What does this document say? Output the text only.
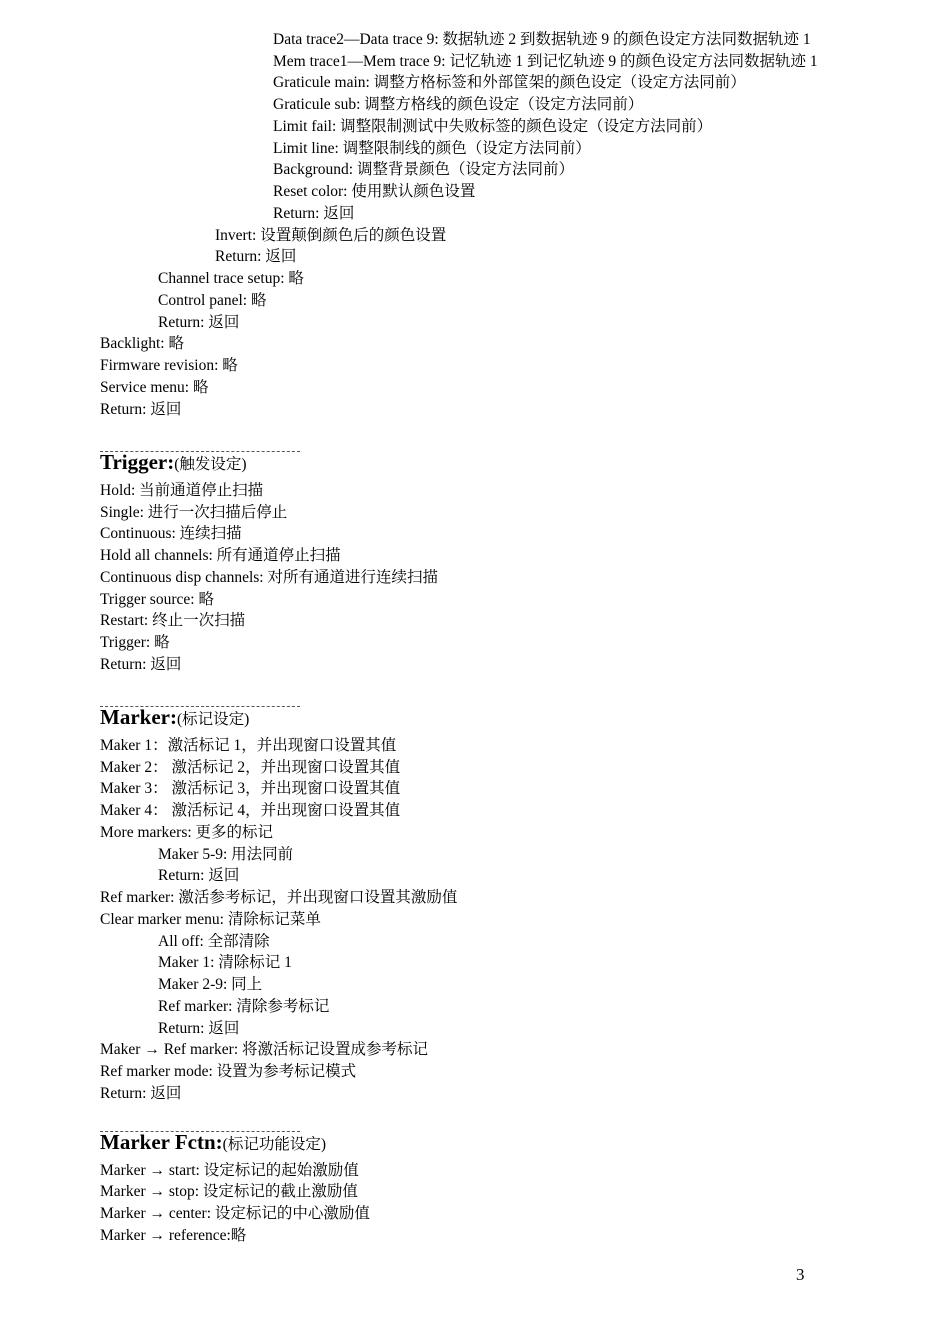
Data trace2—Data trace 9: 数据轨迹 2 到数据轨迹 9 的颜色设定方法同数据轨迹 1
Mem trace1—Mem trace 9: 记忆轨迹 1 到记忆轨迹 9 的颜色设定方法同数据轨迹 1
Graticule main: 调整方格标签和外部筐架的颜色设定（设定方法同前）
Graticule sub: 调整方格线的颜色设定（设定方法同前）
Limit fail: 调整限制测试中失败标签的颜色设定（设定方法同前）
Limit line: 调整限制线的颜色（设定方法同前）
Background: 调整背景颜色（设定方法同前）
Reset color: 使用默认颜色设置
Return: 返回
Invert: 设置颠倒颜色后的颜色设置
Return: 返回
Channel trace setup: 略
Control panel: 略
Return: 返回
Backlight: 略
Firmware revision: 略
Service menu: 略
Return: 返回
Trigger:(触发设定)
Hold: 当前通道停止扫描
Single: 进行一次扫描后停止
Continuous: 连续扫描
Hold all channels: 所有通道停止扫描
Continuous disp channels: 对所有通道进行连续扫描
Trigger source: 略
Restart: 终止一次扫描
Trigger: 略
Return: 返回
Marker:(标记设定)
Maker 1：激活标记 1，并出现窗口设置其值
Maker 2： 激活标记 2，并出现窗口设置其值
Maker 3： 激活标记 3，并出现窗口设置其值
Maker 4： 激活标记 4，并出现窗口设置其值
More markers: 更多的标记
Maker 5-9: 用法同前
Return: 返回
Ref marker: 激活参考标记，并出现窗口设置其激励值
Clear marker menu: 清除标记菜单
All off: 全部清除
Maker 1: 清除标记 1
Maker 2-9: 同上
Ref marker: 清除参考标记
Return: 返回
Maker → Ref marker: 将激活标记设置成参考标记
Ref marker mode: 设置为参考标记模式
Return: 返回
Marker Fctn:(标记功能设定)
Marker → start: 设定标记的起始激励值
Marker → stop: 设定标记的截止激励值
Marker → center: 设定标记的中心激励值
Marker → reference:略
3
